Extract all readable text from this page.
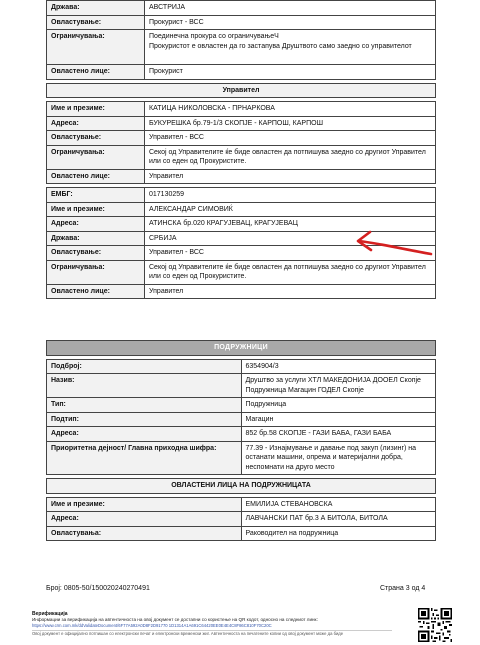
Држава:	АВСТРИЈА
Овластување:	Прокурист - ВСС
Ограничувања:	Поединечна прокура со ограничувањеЧ
Прокуристот е овластен да го застапува Друштвото само заедно со управителот
Овластено лице:	Прокурист

Управител	

Име и презиме:	КАТИЦА НИКОЛОВСКА - ПРНАРКОВА
Адреса:	БУКУРЕШКА бр.79-1/3 СКОПЈЕ - КАРПОШ, КАРПОШ
Овластување:	Управител - ВСС
Ограничувања:	Секој од Управителите ќе биде овластен да потпишува заедно со другиот Управител или со еден од Прокуристите.
Овластено лице:	Управител

ЕМБГ:	017130259
Име и презиме:	АЛЕКСАНДАР СИМОВИЌ
Адреса:	АТИНСКА бр.020 КРАГУЈЕВАЦ, КРАГУЈЕВАЦ
Држава:	СРБИЈА
Овластување:	Управител - ВСС
Ограничувања:	Секој од Управителите ќе биде овластен да потпишува заедно со другиот Управител или со еден од Прокуристите.
Овластено лице:	Управител
ПОДРУЖНИЦИ	

Подброј:	6354904/3
Назив:	Друштво за услуги ХТЛ МАКЕДОНИЈА ДООЕЛ Скопје Подружница Магацин ГОДЕЛ Скопје
Тип:	Подружница
Подтип:	Магацин
Адреса:	852 бр.58 СКОПЈЕ - ГАЗИ БАБА, ГАЗИ БАБА
Приоритетна дејност/ Главна приходна шифра:	77.39 - Изнајмување и давање под закуп (лизинг) на останати машини, опрема и материјални добра, неспомнати на друго место

ОВЛАСТЕНИ ЛИЦА НА ПОДРУЖНИЦАТА	

Име и презиме:	ЕМИЛИЈА СТЕВАНОВСКА
Адреса:	ЛАВЧАНСКИ ПАТ бр.3 А БИТОЛА, БИТОЛА
Овластувања:	Раководител на подружница
Број: 0805-50/150020240270491	Страна 3 од 4
Верификација
Информации за верификација на автентичноста на овој документ се достапни со користење на QR кодот, односно на следниот линк:
https://www.crm.com.mk/ddValidateDocument/6F77A592A0D8F2D91770 1D1314A1A691C64420EE0E4E4C8F86C810F70C20C
Овој документ е официјално потпишан со електронски печат и електронски временски жиг. Автентичноста на печатените копии од овој документ може да биде
